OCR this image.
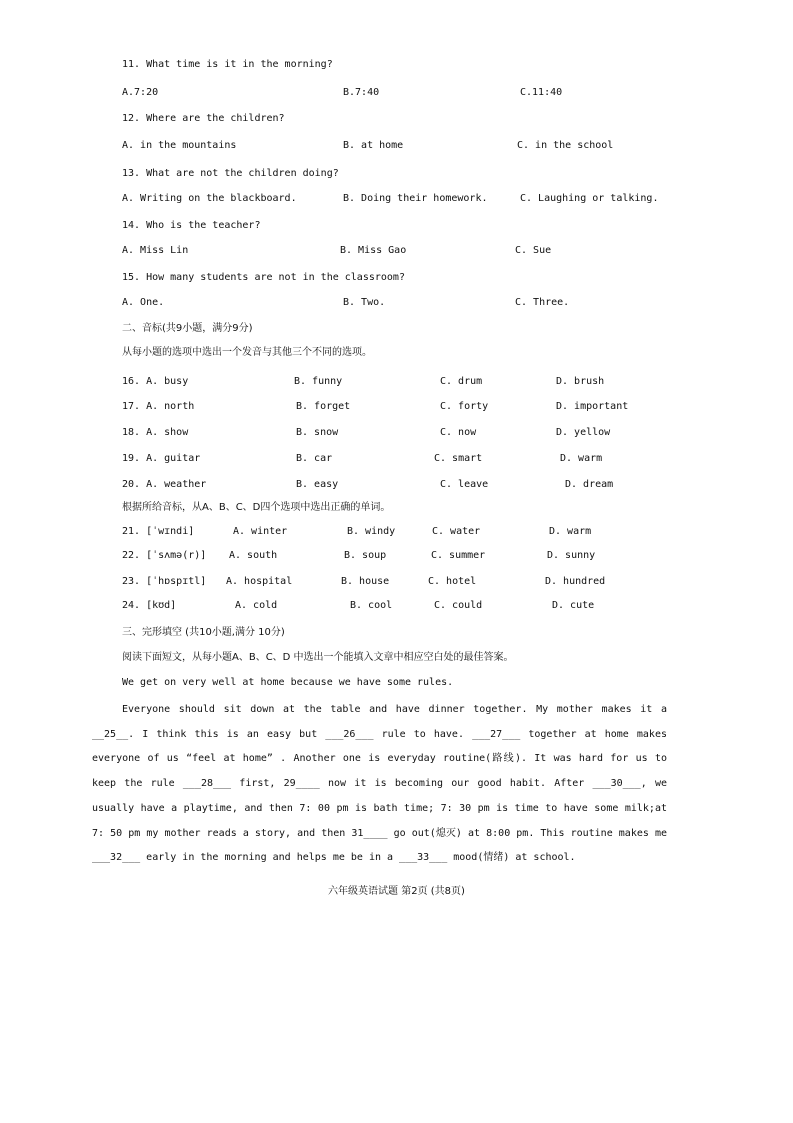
11. What time is it in the morning?
A.7:20	B.7:40	C.11:40
12. Where are the children?
A. in the mountains	B. at home	C. in the school
13. What are not the children doing?
A. Writing on the blackboard.	B. Doing their homework.	C. Laughing or talking.
14. Who is the teacher?
A. Miss Lin	B. Miss Gao	C. Sue
15. How many students are not in the classroom?
A. One.	B. Two.	C. Three.
二、音标(共9小题，满分9分)
从每小题的选项中选出一个发音与其他三个不同的选项。
16. A. busy	B. funny	C. drum	D. brush
17. A. north	B. forget	C. forty	D. important
18. A. show	B. snow	C. now	D. yellow
19. A. guitar	B. car	C. smart	D. warm
20. A. weather	B. easy	C. leave	D. dream
根据所给音标，从A、B、C、D四个选项中选出正确的单词。
21. [ˈwɪndi]	A. winter	B. windy	C. water	D. warm
22. [ˈsʌmə(r)] A. south	B. soup	C. summer	D. sunny
23. [ˈhɒspɪtl] A. hospital	B. house	C. hotel	D. hundred
24. [kʊd]	A. cold	B. cool	C. could	D. cute
三、完形填空 (共10小题,满分 10分)
阅读下面短文，从每小题A、B、C、D 中选出一个能填入文章中相应空白处的最佳答案。
We get on very well at home because we have some rules.
Everyone should sit down at the table and have dinner together. My mother makes it a __25__. I think this is an easy but ___26___ rule to have. ___27___ together at home makes everyone of us “feel at home” . Another one is everyday routine(路线). It was hard for us to keep the rule ___28___ first, 29____ now it is becoming our good habit. After ___30___, we usually have a playtime, and then 7: 00 pm is bath time; 7: 30 pm is time to have some milk;at 7: 50 pm my mother reads a story, and then 31____ go out(熄灭) at 8:00 pm. This routine makes me ___32___ early in the morning and helps me be in a ___33___ mood(情绪) at school.
六年级英语试题 第2页 (共8页)
